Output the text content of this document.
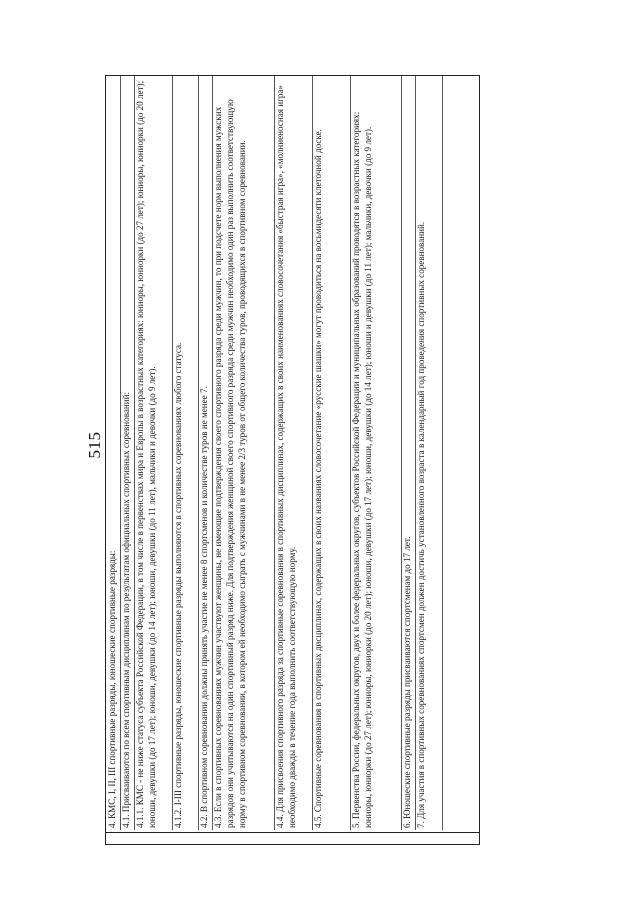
515

4. КМС, I, II, III спортивные разряды, юношеские спортивные разряды: 4.1. Присваиваются по всем спортивным дисциплинам по результатам официальных спортивных соревнований: 4.1.1. КМС - не ниже статуса субъекта Российской Федерации, в том числе в первенствах мира и Европы в возрастных категориях: юниоры, юниорки (до 27 лет); юниоры, юниорки (до 20 лет); юноши, девушки (до 17 лет); юноши, девушки (до 14 лет); юноши, девушки (до 11 лет), мальчики и девочки (до 9 лет). 4.1.2. I-III спортивные разряды, юношеские спортивные разряды выполняются в спортивных соревнованиях любого статуса. 4.2. В спортивном соревновании должны принять участие не менее 8 спортсменов и количестве туров не менее 7. 4.3. Если в спортивных соревнованиях мужчин участвуют женщины, не имеющие подтверждения своего спортивного разряда среди мужчин, то при подсчете норм выполнения мужских разрядов они учитываются на один спортивный разряд ниже. Для подтверждения женщиной своего спортивного разряда среди мужчин необходимо один раз выполнить соответствующую норму в спортивном соревновании, в котором ей необходимо сыграть с мужчинами в не менее 2/3 туров от общего количества туров, проводящихся в спортивном соревновании.	4.4. Для присвоения спортивного разряда за спортивные соревнования в спортивных дисциплинах, содержащих в своих наименованиях словосочетания «быстрая игра», «молниеносная игра» необходимо дважды в течение года выполнить соответствующую норму. 4.5. Спортивные соревнования в спортивных дисциплинах, содержащих в своих названиях словосочетание «русские шашки» могут проводиться на восьмидесяти клеточной доске.	5. Первенства России, федеральных округов, двух и более федеральных округов, субъектов Российской Федерации и муниципальных образований проводятся в возрастных категориях: юниоры, юниорки (до 27 лет); юниоры, юниорки (до 20 лет); юноши, девушки (до 17 лет); юноши, девушки (до 14 лет); юноши и девушки (до 11 лет); мальчики, девочки (до 9 лет).	6. Юношеские спортивные разряды присваиваются спортсменам до 17 лет. 7. Для участия в спортивных соревнованиях спортсмен должен достичь установленного возраста в календарный год проведения спортивных соревнований.
